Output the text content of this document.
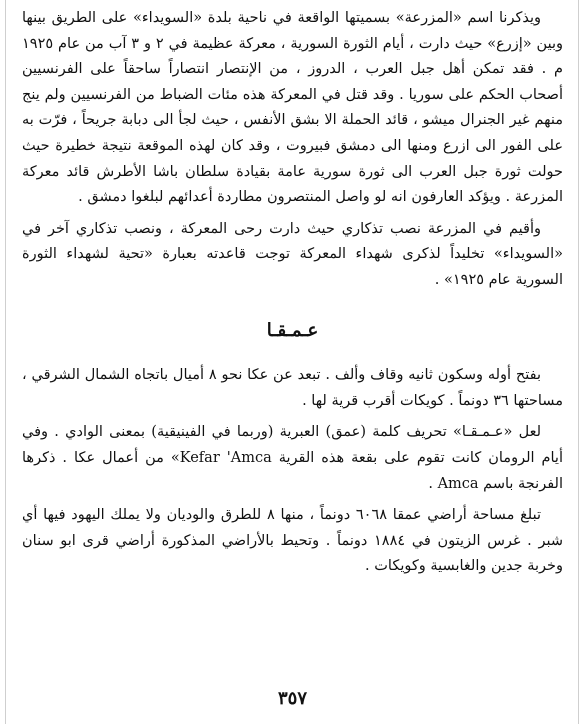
ويذكرنا اسم «المزرعة» بسميتها الواقعة في ناحية بلدة «السويداء» على الطريق بينها وبين «إزرع» حيث دارت ، أيام الثورة السورية ، معركة عظيمة في ٢ و ٣ آب من عام ١٩٢٥ م . فقد تمكن أهل جبل العرب ، الدروز ، من الإنتصار انتصاراً ساحقاً على الفرنسيين أصحاب الحكم على سوريا . وقد قتل في المعركة هذه مئات الضباط من الفرنسيين ولم ينج منهم غير الجنرال ميشو ، قائد الحملة الا بشق الأنفس ، حيث لجأ الى دبابة جريحاً ، فرّت به على الفور الى ازرع ومنها الى دمشق فبيروت ، وقد كان لهذه الموقعة نتيجة خطيرة حيث حولت ثورة جبل العرب الى ثورة سورية عامة بقيادة سلطان باشا الأطرش قائد معركة المزرعة . ويؤكد العارفون انه لو واصل المنتصرون مطاردة أعدائهم لبلغوا دمشق .

وأقيم في المزرعة نصب تذكاري حيث دارت رحى المعركة ، ونصب تذكاري آخر في «السويداء» تخليداً لذكرى شهداء المعركة توجت قاعدته بعبارة «تحية لشهداء الثورة السورية عام ١٩٢٥» .

عـمـقـا

بفتح أوله وسكون ثانيه وقاف وألف . تبعد عن عكا نحو ٨ أميال باتجاه الشمال الشرقي ، مساحتها ٣٦ دونماً . كويكات أقرب قرية لها .

لعل «عـمـقـا» تحريف كلمة (عمق) العبرية (وربما في الفينيقية) بمعنى الوادي . وفي أيام الرومان كانت تقوم على بقعة هذه القرية Kefar 'Amca» من أعمال عكا . ذكرها الفرنجة باسم Amca .

تبلغ مساحة أراضي عمقا ٦٠٦٨ دونماً ، منها ٨ للطرق والوديان ولا يملك اليهود فيها أي شبر . غرس الزيتون في ١٨٨٤ دونماً . وتحيط بالأراضي المذكورة أراضي قرى ابو سنان وخربة جدين والغابسية وكويكات .

٣٥٧
